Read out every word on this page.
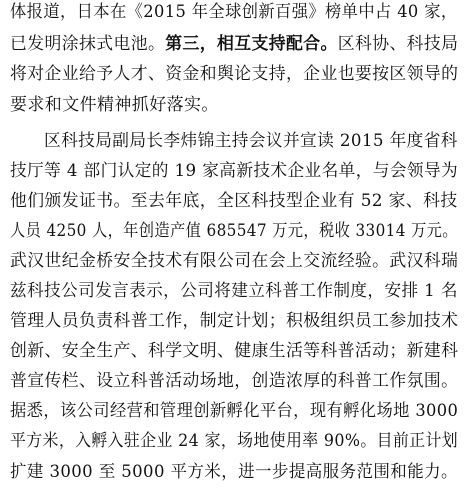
体报道，日本在《2015 年全球创新百强》榜单中占 40 家，
已发明涂抹式电池。第三，相互支持配合。区科协、科技局
将对企业给予人才、资金和舆论支持，企业也要按区领导的
要求和文件精神抓好落实。
区科技局副局长李炜锦主持会议并宣读 2015 年度省科
技厅等 4 部门认定的 19 家高新技术企业名单，与会领导为
他们颁发证书。至去年底，全区科技型企业有 52 家、科技
人员 4250 人，年创造产值 685547 万元，税收 33014 万元。
武汉世纪金桥安全技术有限公司在会上交流经验。武汉科瑞
兹科技公司发言表示，公司将建立科普工作制度，安排 1 名
管理人员负责科普工作，制定计划；积极组织员工参加技术
创新、安全生产、科学文明、健康生活等科普活动；新建科
普宣传栏、设立科普活动场地，创造浓厚的科普工作氛围。
据悉，该公司经营和管理创新孵化平台，现有孵化场地 3000
平方米，入孵入驻企业 24 家，场地使用率 90%。目前正计划
扩建 3000 至 5000 平方米，进一步提高服务范围和能力。
